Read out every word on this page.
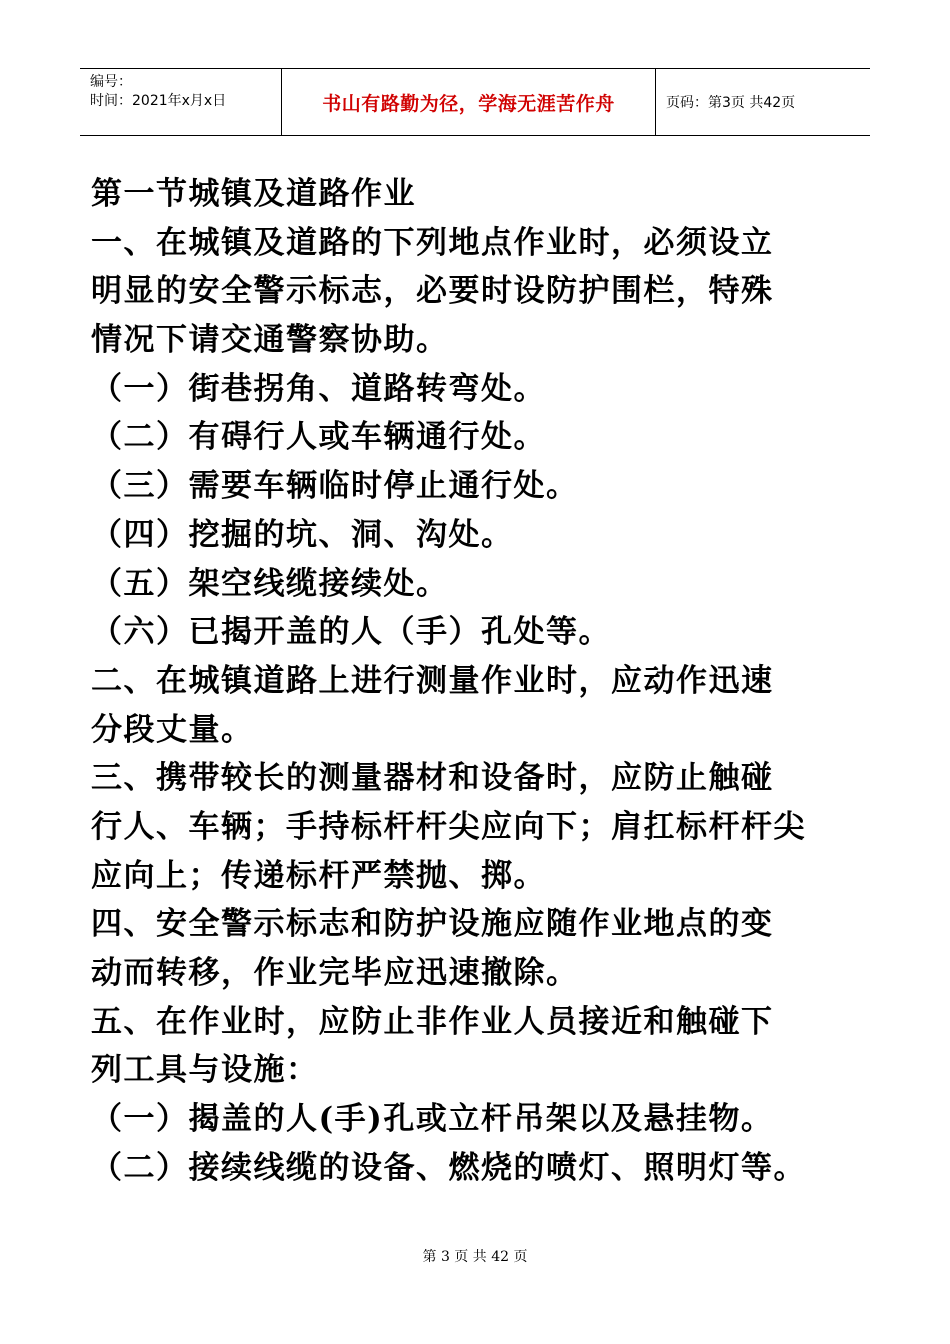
编号：
时间：2021年x月x日	书山有路勤为径，学海无涯苦作舟	页码：第3页 共42页
第一节城镇及道路作业
一、在城镇及道路的下列地点作业时，必须设立
明显的安全警示标志，必要时设防护围栏，特殊
情况下请交通警察协助。
（一）街巷拐角、道路转弯处。
（二）有碍行人或车辆通行处。
（三）需要车辆临时停止通行处。
（四）挖掘的坑、洞、沟处。
（五）架空线缆接续处。
（六）已揭开盖的人（手）孔处等。
二、在城镇道路上进行测量作业时，应动作迅速
分段丈量。
三、携带较长的测量器材和设备时，应防止触碰
行人、车辆；手持标杆杆尖应向下；肩扛标杆杆尖
应向上；传递标杆严禁抛、掷。
四、安全警示标志和防护设施应随作业地点的变
动而转移，作业完毕应迅速撤除。
五、在作业时，应防止非作业人员接近和触碰下
列工具与设施：
（一）揭盖的人(手)孔或立杆吊架以及悬挂物。
（二）接续线缆的设备、燃烧的喷灯、照明灯等。
第 3 页 共 42 页
